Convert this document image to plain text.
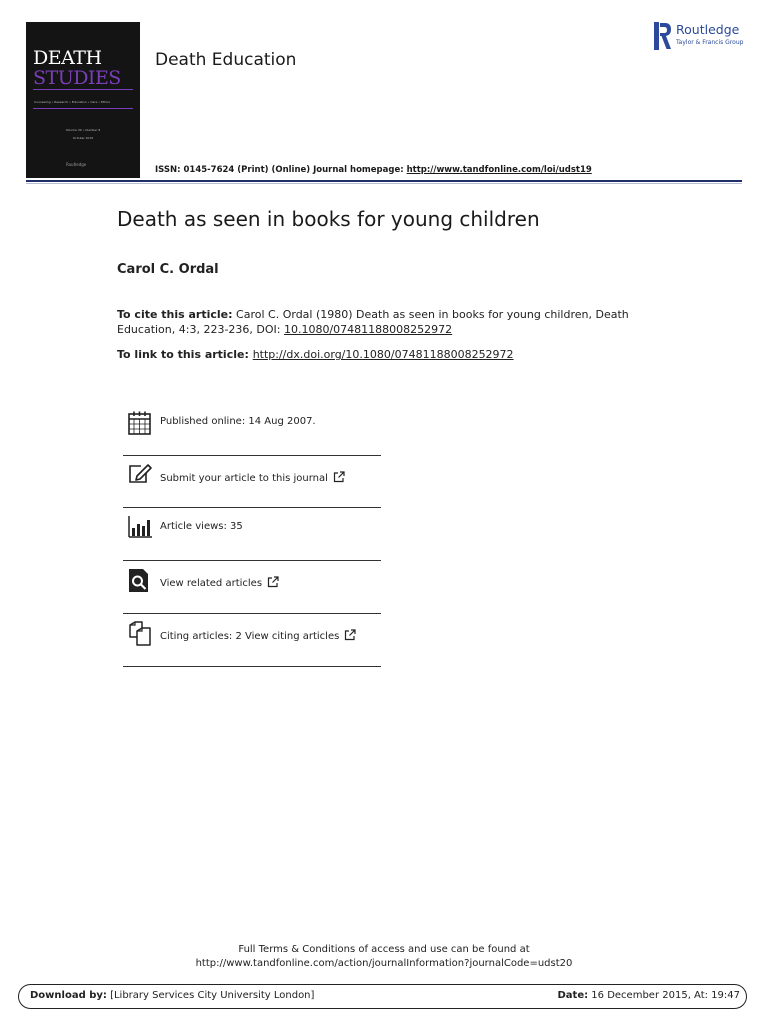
DEATH
STUDIES
Counseling • Research • Education • Care • Ethics
Volume 39 • Number 8
October 2015
Routledge
Death Education
Routledge
Taylor & Francis Group
ISSN: 0145-7624 (Print) (Online) Journal homepage: http://www.tandfonline.com/loi/udst19
Death as seen in books for young children
Carol C. Ordal
To cite this article: Carol C. Ordal (1980) Death as seen in books for young children, Death Education, 4:3, 223-236, DOI: 10.1080/07481188008252972
To link to this article: http://dx.doi.org/10.1080/07481188008252972
Published online: 14 Aug 2007.
Submit your article to this journal
Article views: 35
View related articles
Citing articles: 2 View citing articles
Full Terms & Conditions of access and use can be found at
http://www.tandfonline.com/action/journalInformation?journalCode=udst20
Download by: [Library Services City University London]	Date: 16 December 2015, At: 19:47
